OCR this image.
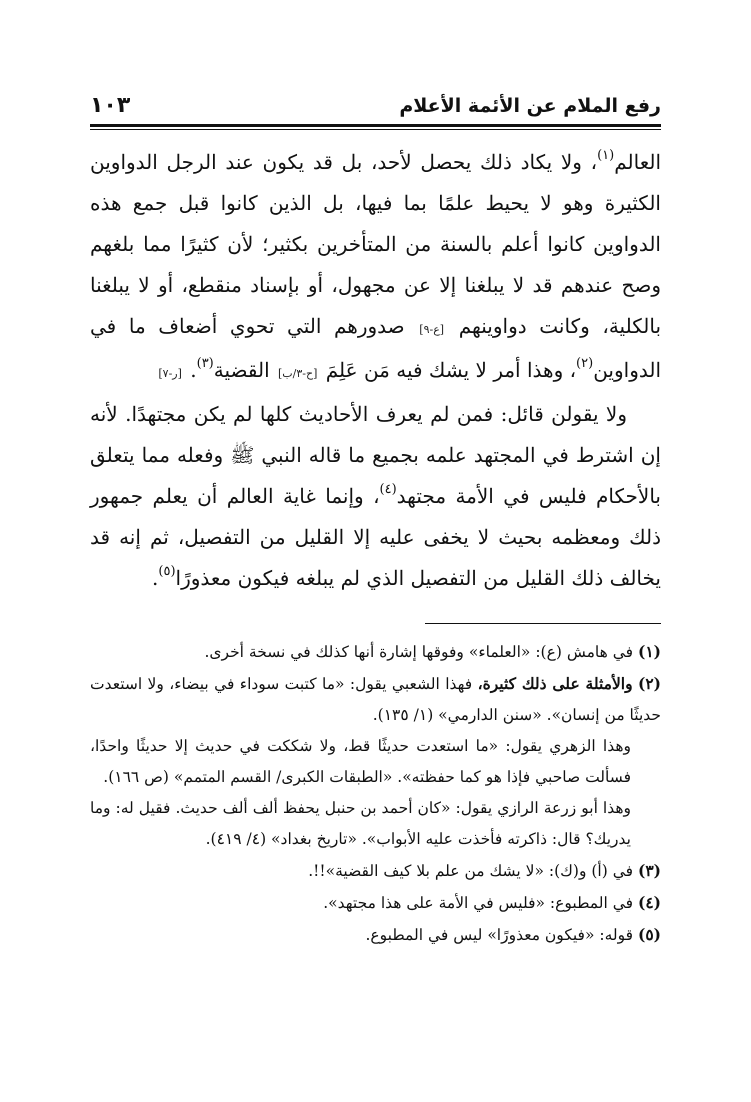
رفع الملام عن الأئمة الأعلام
١٠٣

العالم$^{(١)}$، ولا يكاد ذلك يحصل لأحد، بل قد يكون عند الرجل الدواوين الكثيرة وهو لا يحيط علمًا بما فيها، بل الذين كانوا قبل جمع هذه الدواوين كانوا أعلم بالسنة من المتأخرين بكثير؛ لأن كثيرًا مما بلغهم وصح عندهم قد لا يبلغنا إلا عن مجهول، أو بإسناد منقطع، أو لا يبلغنا بالكلية، وكانت دواوينهم [ع-٩] صدورهم التي تحوي أضعاف ما في الدواوين$^{(٢)}$، وهذا أمر لا يشك فيه مَن عَلِمَ [ح-٣/ب] القضية$^{(٣)}$. [ر-٧]

ولا يقولن قائل: فمن لم يعرف الأحاديث كلها لم يكن مجتهدًا. لأنه إن اشترط في المجتهد علمه بجميع ما قاله النبي ﷺ وفعله مما يتعلق بالأحكام فليس في الأمة مجتهد$^{(٤)}$، وإنما غاية العالم أن يعلم جمهور ذلك ومعظمه بحيث لا يخفى عليه إلا القليل من التفصيل، ثم إنه قد يخالف ذلك القليل من التفصيل الذي لم يبلغه فيكون معذورًا$^{(٥)}$.

(١) في هامش (ع): «العلماء» وفوقها إشارة أنها كذلك في نسخة أخرى.

(٢) والأمثلة على ذلك كثيرة، فهذا الشعبي يقول: «ما كتبت سوداء في بيضاء، ولا استعدت حديثًا من إنسان». «سنن الدارمي» (١/ ١٣٥).

وهذا الزهري يقول: «ما استعدت حديثًا قط، ولا شككت في حديث إلا حديثًا واحدًا، فسألت صاحبي فإذا هو كما حفظته». «الطبقات الكبرى/ القسم المتمم» (ص ١٦٦).

وهذا أبو زرعة الرازي يقول: «كان أحمد بن حنبل يحفظ ألف ألف حديث. فقيل له: وما يدريك؟ قال: ذاكرته فأخذت عليه الأبواب». «تاريخ بغداد» (٤/ ٤١٩).

(٣) في (أ) و(ك): «لا يشك من علم بلا كيف القضية»!!.

(٤) في المطبوع: «فليس في الأمة على هذا مجتهد».

(٥) قوله: «فيكون معذورًا» ليس في المطبوع.
